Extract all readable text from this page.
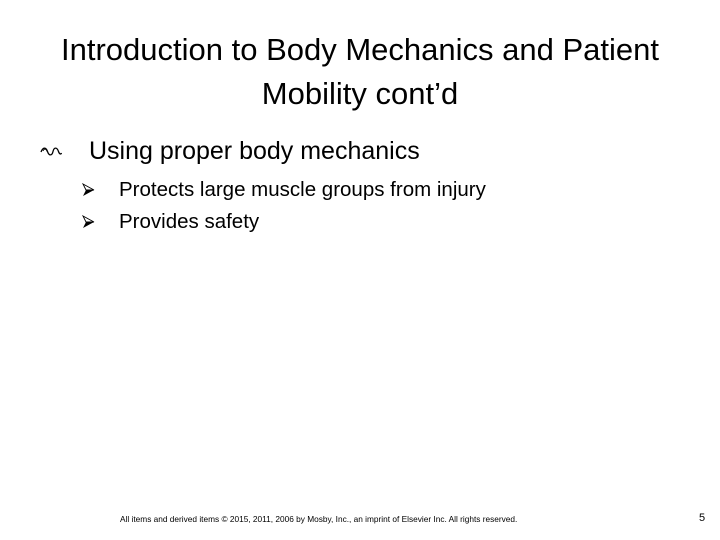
Introduction to Body Mechanics and Patient Mobility cont’d
Using proper body mechanics
Protects large muscle groups from injury
Provides safety
All items and derived items © 2015, 2011, 2006 by Mosby, Inc., an imprint of Elsevier Inc. All rights reserved.	5
